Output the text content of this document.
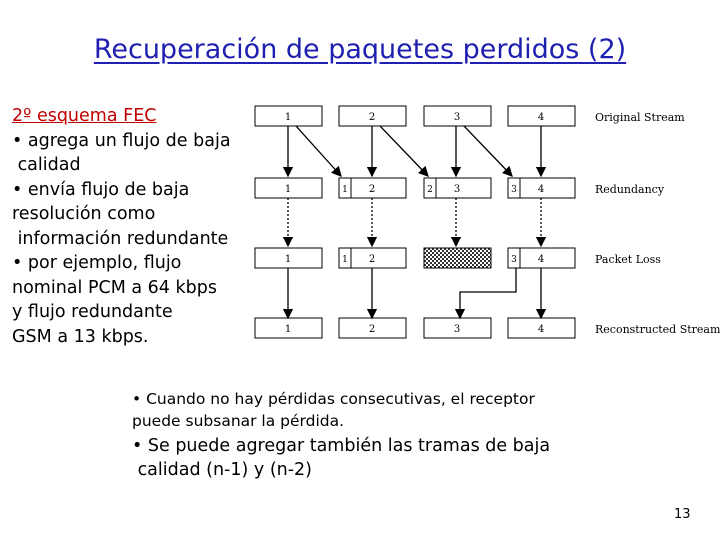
Recuperación de paquetes perdidos (2)
2º esquema FEC
• agrega un flujo de baja
calidad
• envía flujo de baja
resolución como
información redundante
• por ejemplo, flujo
nominal PCM a 64 kbps
y flujo redundante
GSM a 13 kbps.
1	2	3	4	Original Stream
1	1 2	2 3	3 4	Redundancy
1	1 2	3 4	Packet Loss
1	2	3	4	Reconstructed Stream
• Cuando no hay pérdidas consecutivas, el receptor
puede subsanar la pérdida.
• Se puede agregar también las tramas de baja
calidad (n-1) y (n-2)
13
